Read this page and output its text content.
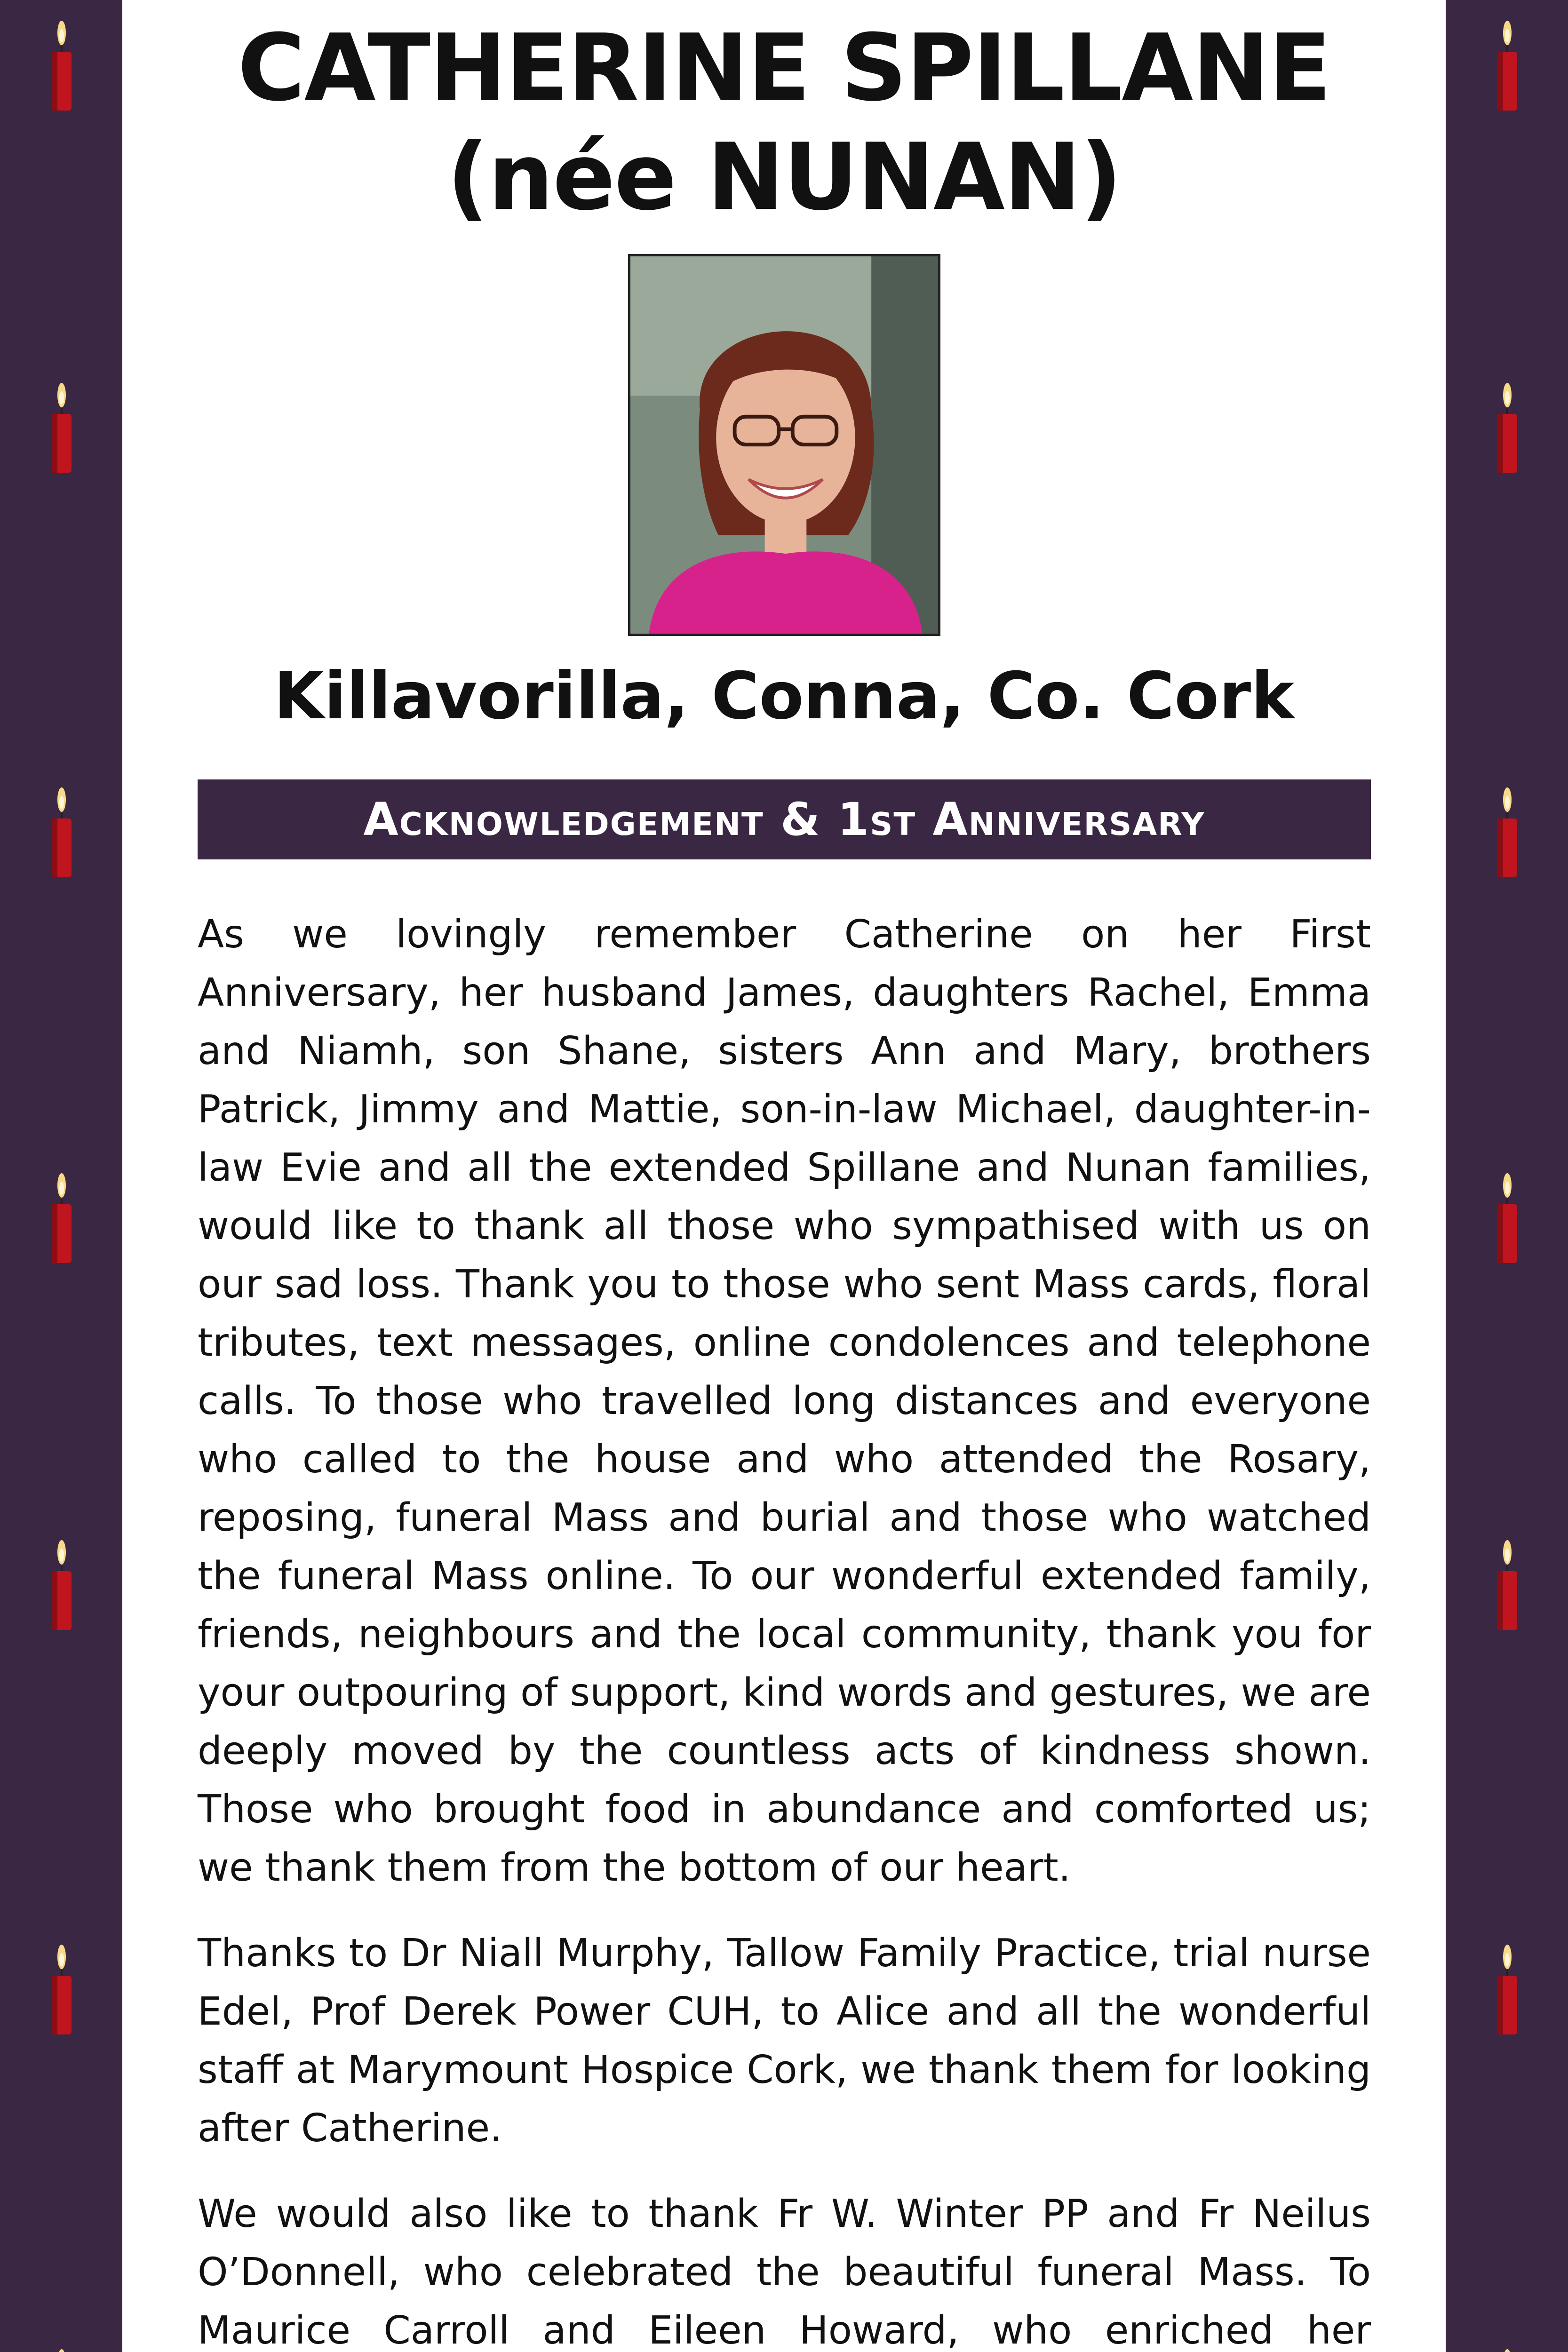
CATHERINE SPILLANE
(née NUNAN)
Killavorilla, Conna, Co. Cork
Acknowledgement & 1st Anniversary

As we lovingly remember Catherine on her First Anniversary, her husband James, daughters Rachel, Emma and Niamh, son Shane, sisters Ann and Mary, brothers Patrick, Jimmy and Mattie, son-in-law Michael, daughter-in-law Evie and all the extended Spillane and Nunan families, would like to thank all those who sympathised with us on our sad loss. Thank you to those who sent Mass cards, floral tributes, text messages, online condolences and telephone calls. To those who travelled long distances and everyone who called to the house and who attended the Rosary, reposing, funeral Mass and burial and those who watched the funeral Mass online. To our wonderful extended family, friends, neighbours and the local community, thank you for your outpouring of support, kind words and gestures, we are deeply moved by the countless acts of kindness shown. Those who brought food in abundance and comforted us; we thank them from the bottom of our heart.

Thanks to Dr Niall Murphy, Tallow Family Practice, trial nurse Edel, Prof Derek Power CUH, to Alice and all the wonderful staff at Marymount Hospice Cork, we thank them for looking after Catherine.

We would also like to thank Fr W. Winter PP and Fr Neilus O’Donnell, who celebrated the beautiful funeral Mass. To Maurice Carroll and Eileen Howard, who enriched her
